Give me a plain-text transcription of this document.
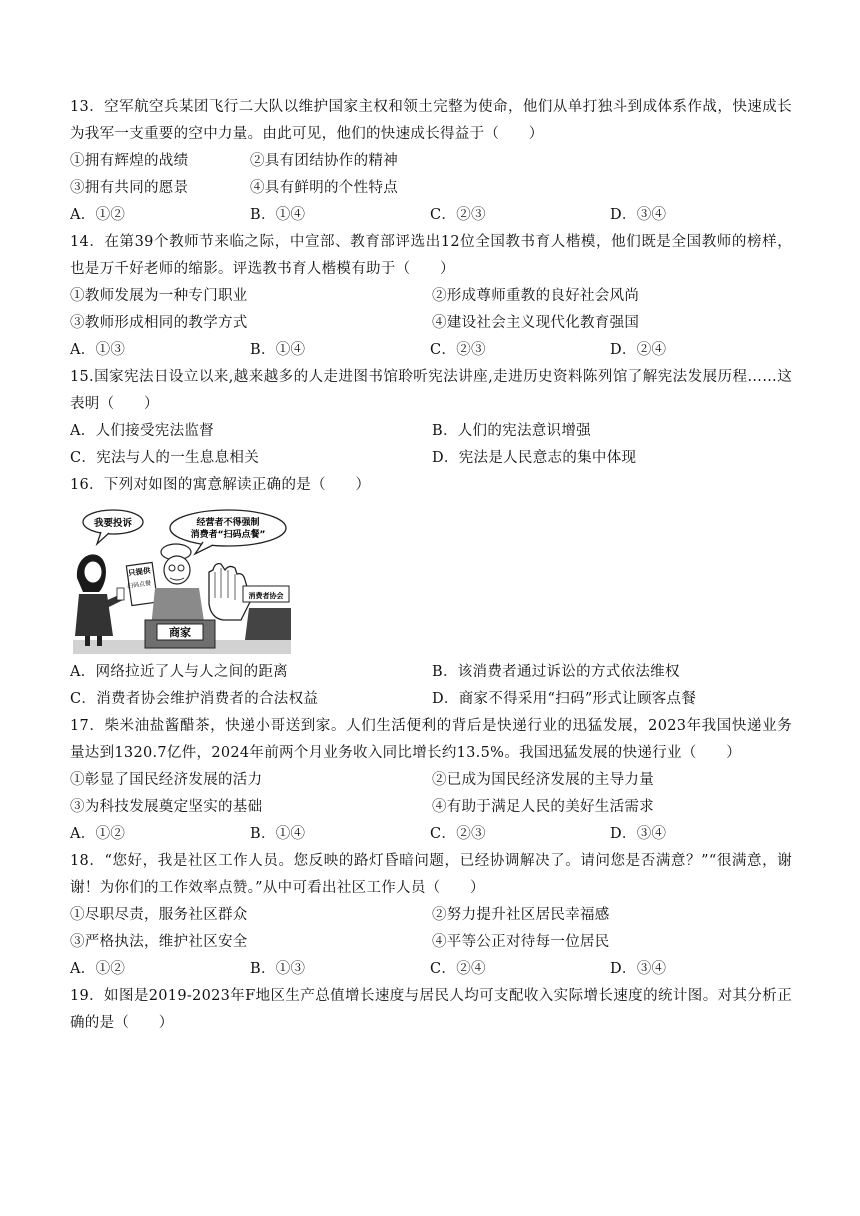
13．空军航空兵某团飞行二大队以维护国家主权和领土完整为使命，他们从单打独斗到成体系作战，快速成长为我军一支重要的空中力量。由此可见，他们的快速成长得益于（　　）

①拥有辉煌的战绩	②具有团结协作的精神
③拥有共同的愿景	④具有鲜明的个性特点
A．①②	B．①④	C．②③	D．③④

14．在第39个教师节来临之际，中宣部、教育部评选出12位全国教书育人楷模，他们既是全国教师的榜样，也是万千好老师的缩影。评选教书育人楷模有助于（　　）

①教师发展为一种专门职业	②形成尊师重教的良好社会风尚
③教师形成相同的教学方式	④建设社会主义现代化教育强国
A．①③	B．①④	C．②③	D．②④

15.国家宪法日设立以来,越来越多的人走进图书馆聆听宪法讲座,走进历史资料陈列馆了解宪法发展历程……这表明（　　）

A．人们接受宪法监督	B．人们的宪法意识增强
C．宪法与人的一生息息相关	D．宪法是人民意志的集中体现

16．下列对如图的寓意解读正确的是（　　）

我要投诉	经营者不得强制
消费者“扫码点餐”
只提供
扫码点餐
商家
消费者协会
A．网络拉近了人与人之间的距离	B．该消费者通过诉讼的方式依法维权
C．消费者协会维护消费者的合法权益	D．商家不得采用“扫码”形式让顾客点餐

17．柴米油盐酱醋茶，快递小哥送到家。人们生活便利的背后是快递行业的迅猛发展，2023年我国快递业务量达到1320.7亿件，2024年前两个月业务收入同比增长约13.5%。我国迅猛发展的快递行业（　　）

①彰显了国民经济发展的活力	②已成为国民经济发展的主导力量
③为科技发展奠定坚实的基础	④有助于满足人民的美好生活需求
A．①②	B．①④	C．②③	D．③④

18．“您好，我是社区工作人员。您反映的路灯昏暗问题，已经协调解决了。请问您是否满意？”“很满意，谢谢！为你们的工作效率点赞。”从中可看出社区工作人员（　　）

①尽职尽责，服务社区群众	②努力提升社区居民幸福感
③严格执法，维护社区安全	④平等公正对待每一位居民
A．①②	B．①③	C．②④	D．③④

19．如图是2019-2023年F地区生产总值增长速度与居民人均可支配收入实际增长速度的统计图。对其分析正确的是（　　）
